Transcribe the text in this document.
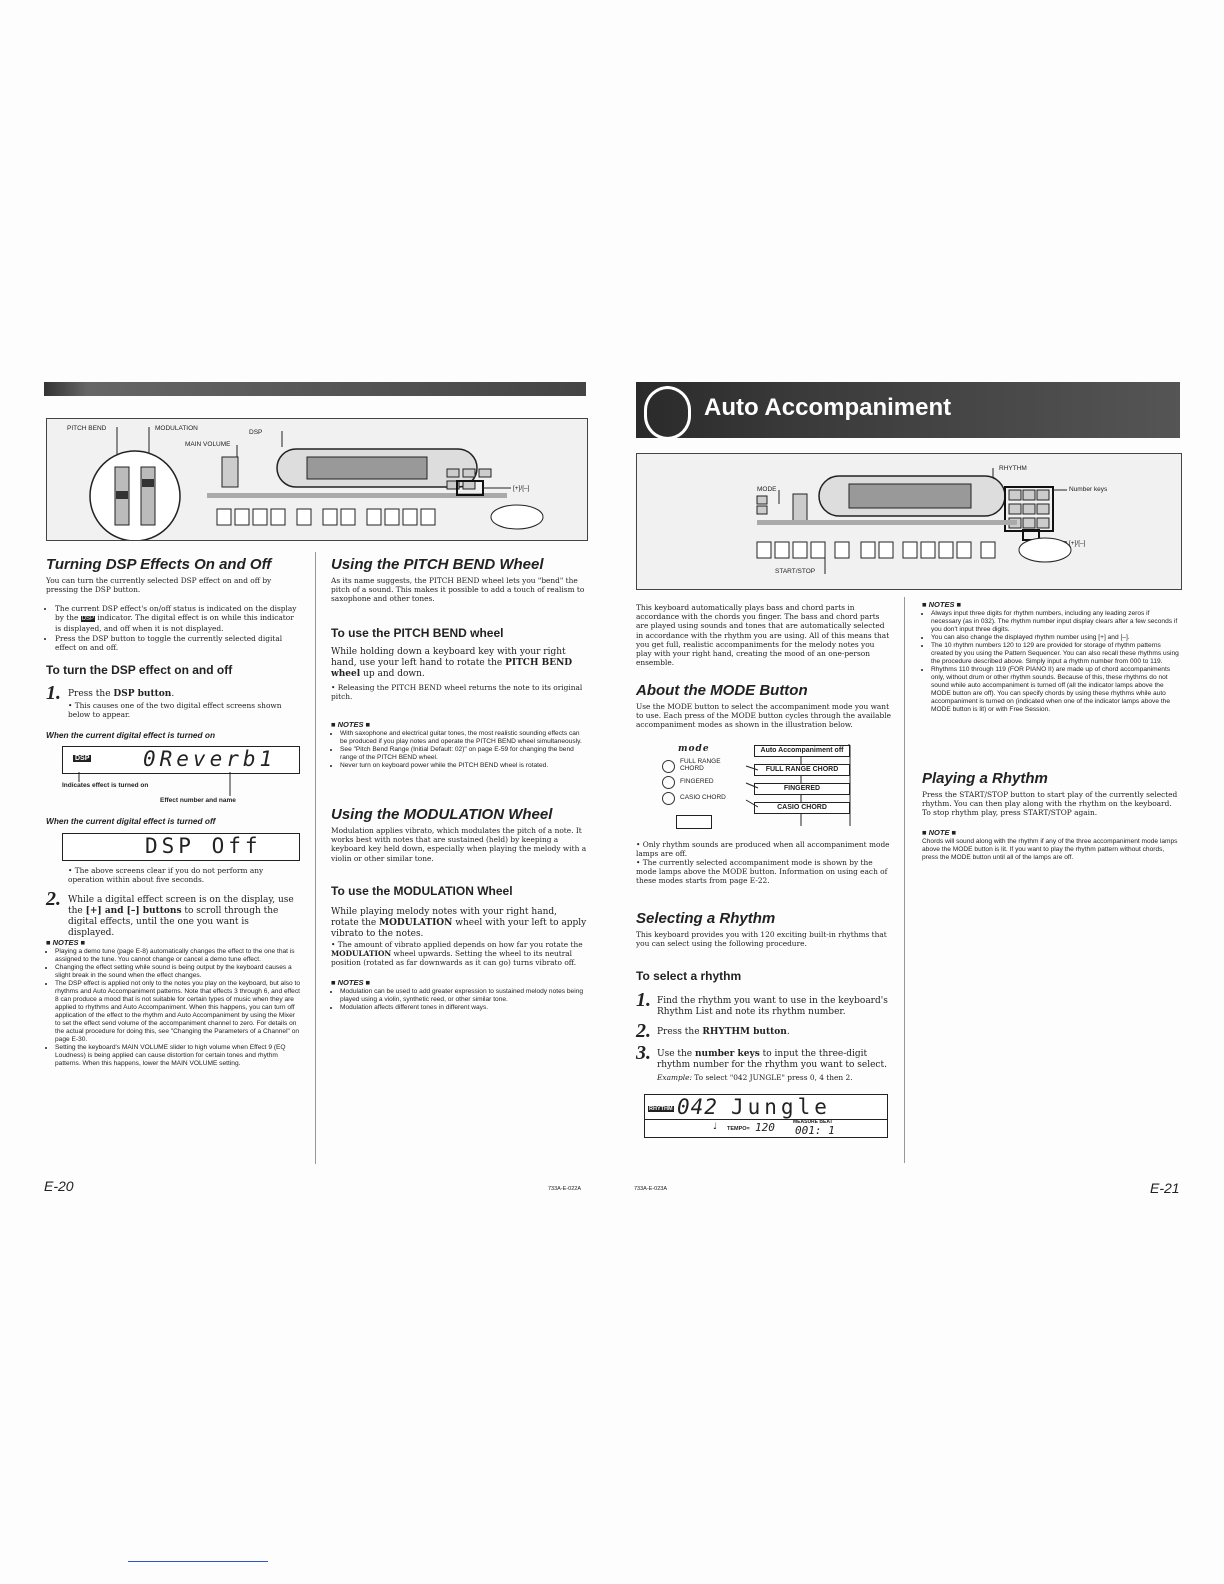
PITCH BEND	MODULATION
MAIN VOLUME
DSP
[+]/[–]
Turning DSP Effects On and Off

You can turn the currently selected DSP effect on and off by pressing the DSP button.

• The current DSP effect's on/off status is indicated on the display by the DSP indicator. The digital effect is on while this indicator is displayed, and off when it is not displayed.
• Press the DSP button to toggle the currently selected digital effect on and off.
To turn the DSP effect on and off
1. Press the DSP button.

• This causes one of the two digital effect screens shown below to appear.

When the current digital effect is turned on
DSP	0Reverb1
Indicates effect is turned on
Effect number and name
When the current digital effect is turned off
DSP Off

• The above screens clear if you do not perform any operation within about five seconds.

2. While a digital effect screen is on the display, use the [+] and [–] buttons to scroll through the digital effects, until the one you want is displayed.

■ NOTES ■
• Playing a demo tune (page E-8) automatically changes the effect to the one that is assigned to the tune. You cannot change or cancel a demo tune effect.
• Changing the effect setting while sound is being output by the keyboard causes a slight break in the sound when the effect changes.
• The DSP effect is applied not only to the notes you play on the keyboard, but also to rhythms and Auto Accompaniment patterns. Note that effects 3 through 6, and effect 8 can produce a mood that is not suitable for certain types of music when they are applied to rhythms and Auto Accompaniment. When this happens, you can turn off application of the effect to the rhythm and Auto Accompaniment by using the Mixer to set the effect send volume of the accompaniment channel to zero. For details on the actual procedure for doing this, see "Changing the Parameters of a Channel" on page E-30.
• Setting the keyboard's MAIN VOLUME slider to high volume when Effect 9 (EQ Loudness) is being applied can cause distortion for certain tones and rhythm patterns. When this happens, lower the MAIN VOLUME setting.
Using the PITCH BEND Wheel

As its name suggests, the PITCH BEND wheel lets you "bend" the pitch of a sound. This makes it possible to add a touch of realism to saxophone and other tones.

To use the PITCH BEND wheel

While holding down a keyboard key with your right hand, use your left hand to rotate the PITCH BEND wheel up and down.

• Releasing the PITCH BEND wheel returns the note to its original pitch.

■ NOTES ■
• With saxophone and electrical guitar tones, the most realistic sounding effects can be produced if you play notes and operate the PITCH BEND wheel simultaneously.
• See "Pitch Bend Range (Initial Default: 02)" on page E-59 for changing the bend range of the PITCH BEND wheel.
• Never turn on keyboard power while the PITCH BEND wheel is rotated.
Using the MODULATION Wheel

Modulation applies vibrato, which modulates the pitch of a note. It works best with notes that are sustained (held) by keeping a keyboard key held down, especially when playing the melody with a violin or other similar tone.

To use the MODULATION Wheel

While playing melody notes with your right hand, rotate the MODULATION wheel with your left to apply vibrato to the notes.

• The amount of vibrato applied depends on how far you rotate the MODULATION wheel upwards. Setting the wheel to its neutral position (rotated as far downwards as it can go) turns vibrato off.

■ NOTES ■
• Modulation can be used to add greater expression to sustained melody notes being played using a violin, synthetic reed, or other similar tone.
• Modulation affects different tones in different ways.
E-20	733A-E-022A
Auto Accompaniment
RHYTHM
MODE	Number keys
[+]/[–]
START/STOP

This keyboard automatically plays bass and chord parts in accordance with the chords you finger. The bass and chord parts are played using sounds and tones that are automatically selected in accordance with the rhythm you are using. All of this means that you get full, realistic accompaniments for the melody notes you play with your right hand, creating the mood of an one-person ensemble.

About the MODE Button

Use the MODE button to select the accompaniment mode you want to use. Each press of the MODE button cycles through the available accompaniment modes as shown in the illustration below.

mode
FULL RANGE CHORD
FINGERED
CASIO CHORD
Auto Accompaniment off
FULL RANGE CHORD
FINGERED
CASIO CHORD

• Only rhythm sounds are produced when all accompaniment mode lamps are off.

• The currently selected accompaniment mode is shown by the mode lamps above the MODE button. Information on using each of these modes starts from page E-22.

Selecting a Rhythm

This keyboard provides you with 120 exciting built-in rhythms that you can select using the following procedure.

To select a rhythm
1. Find the rhythm you want to use in the keyboard's Rhythm List and note its rhythm number.

2. Press the RHYTHM button.

3. Use the number keys to input the three-digit rhythm number for the rhythm you want to select.

Example: To select "042 JUNGLE" press 0, 4 then 2.

RHYTHM 042 Jungle
♩ TEMPO= 120	MEASURE BEAT
001: 1
■ NOTES ■
• Always input three digits for rhythm numbers, including any leading zeros if necessary (as in 032). The rhythm number input display clears after a few seconds if you don't input three digits.
• You can also change the displayed rhythm number using [+] and [–].
• The 10 rhythm numbers 120 to 129 are provided for storage of rhythm patterns created by you using the Pattern Sequencer. You can also recall these rhythms using the procedure described above. Simply input a rhythm number from 000 to 119.
• Rhythms 110 through 119 (FOR PIANO II) are made up of chord accompaniments only, without drum or other rhythm sounds. Because of this, these rhythms do not sound while auto accompaniment is turned off (all the indicator lamps above the MODE button are off). You can specify chords by using these rhythms while auto accompaniment is turned on (indicated when one of the indicator lamps above the MODE button is lit) or with Free Session.
Playing a Rhythm

Press the START/STOP button to start play of the currently selected rhythm. You can then play along with the rhythm on the keyboard. To stop rhythm play, press START/STOP again.

■ NOTE ■

Chords will sound along with the rhythm if any of the three accompaniment mode lamps above the MODE button is lit. If you want to play the rhythm pattern without chords, press the MODE button until all of the lamps are off.

733A-E-023A	E-21
